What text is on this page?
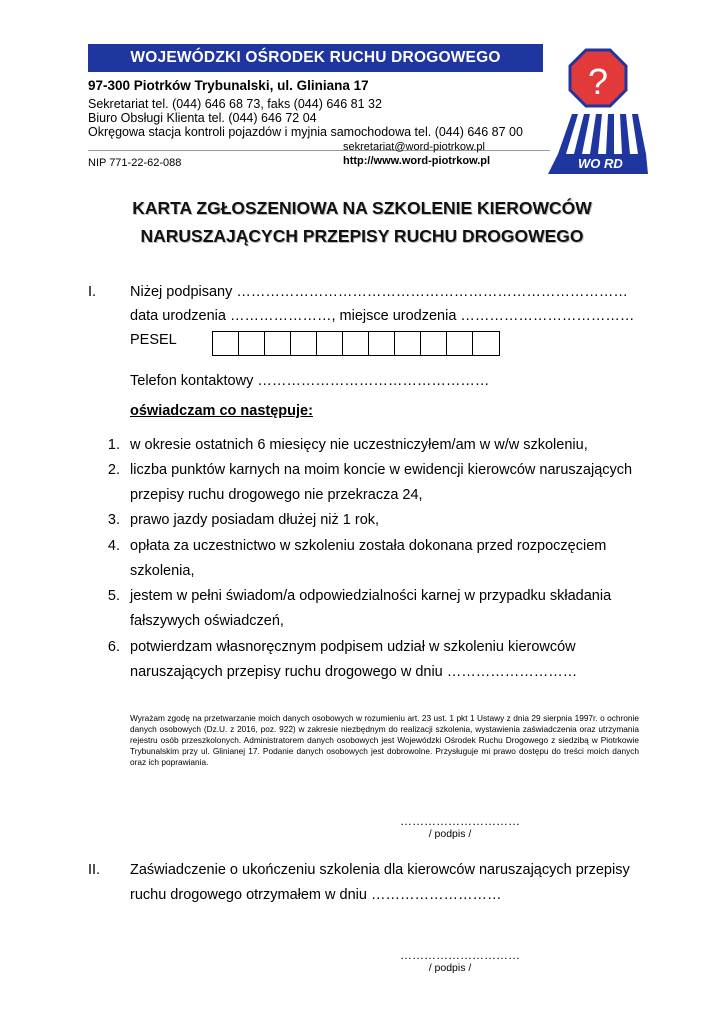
WOJEWÓDZKI OŚRODEK RUCHU DROGOWEGO
97-300 Piotrków Trybunalski, ul. Gliniana 17
Sekretariat tel. (044) 646 68 73, faks (044) 646 81 32
Biuro Obsługi Klienta tel. (044) 646 72 04
Okręgowa stacja kontroli pojazdów i myjnia samochodowa tel. (044) 646 87 00
sekretariat@word-piotrkow.pl
http://www.word-piotrkow.pl
NIP 771-22-62-088
?
WO RD
KARTA ZGŁOSZENIOWA NA SZKOLENIE KIEROWCÓW
NARUSZAJĄCYCH PRZEPISY RUCHU DROGOWEGO
I. Niżej podpisany ………………………………………………………………………
data urodzenia …………………, miejsce urodzenia ………………………………
PESEL
Telefon kontaktowy …………………………………………
oświadczam co następuje:
1. w okresie ostatnich 6 miesięcy nie uczestniczyłem/am w w/w szkoleniu,
2. liczba punktów karnych na moim koncie w ewidencji kierowców naruszających
przepisy ruchu drogowego nie przekracza 24,
3. prawo jazdy posiadam dłużej niż 1 rok,
4. opłata za uczestnictwo w szkoleniu została dokonana przed rozpoczęciem
szkolenia,
5. jestem w pełni świadom/a odpowiedzialności karnej w przypadku składania
fałszywych oświadczeń,
6. potwierdzam własnoręcznym podpisem udział w szkoleniu kierowców
naruszających przepisy ruchu drogowego w dniu ………………………
Wyrażam zgodę na przetwarzanie moich danych osobowych w rozumieniu art. 23 ust. 1 pkt 1 Ustawy z dnia 29 sierpnia 1997r. o ochronie danych osobowych (Dz.U. z 2016, poz. 922) w zakresie niezbędnym do realizacji szkolenia, wystawienia zaświadczenia oraz utrzymania rejestru osób przeszkolonych. Administratorem danych osobowych jest Wojewódzki Ośrodek Ruchu Drogowego z siedzibą w Piotrkowie Trybunalskim przy ul. Glinianej 17. Podanie danych osobowych jest dobrowolne. Przysługuje mi prawo dostępu do treści moich danych oraz ich poprawiania.
…………………………
/ podpis /
II. Zaświadczenie o ukończeniu szkolenia dla kierowców naruszających przepisy
ruchu drogowego otrzymałem w dniu ………………………
…………………………
/ podpis /
